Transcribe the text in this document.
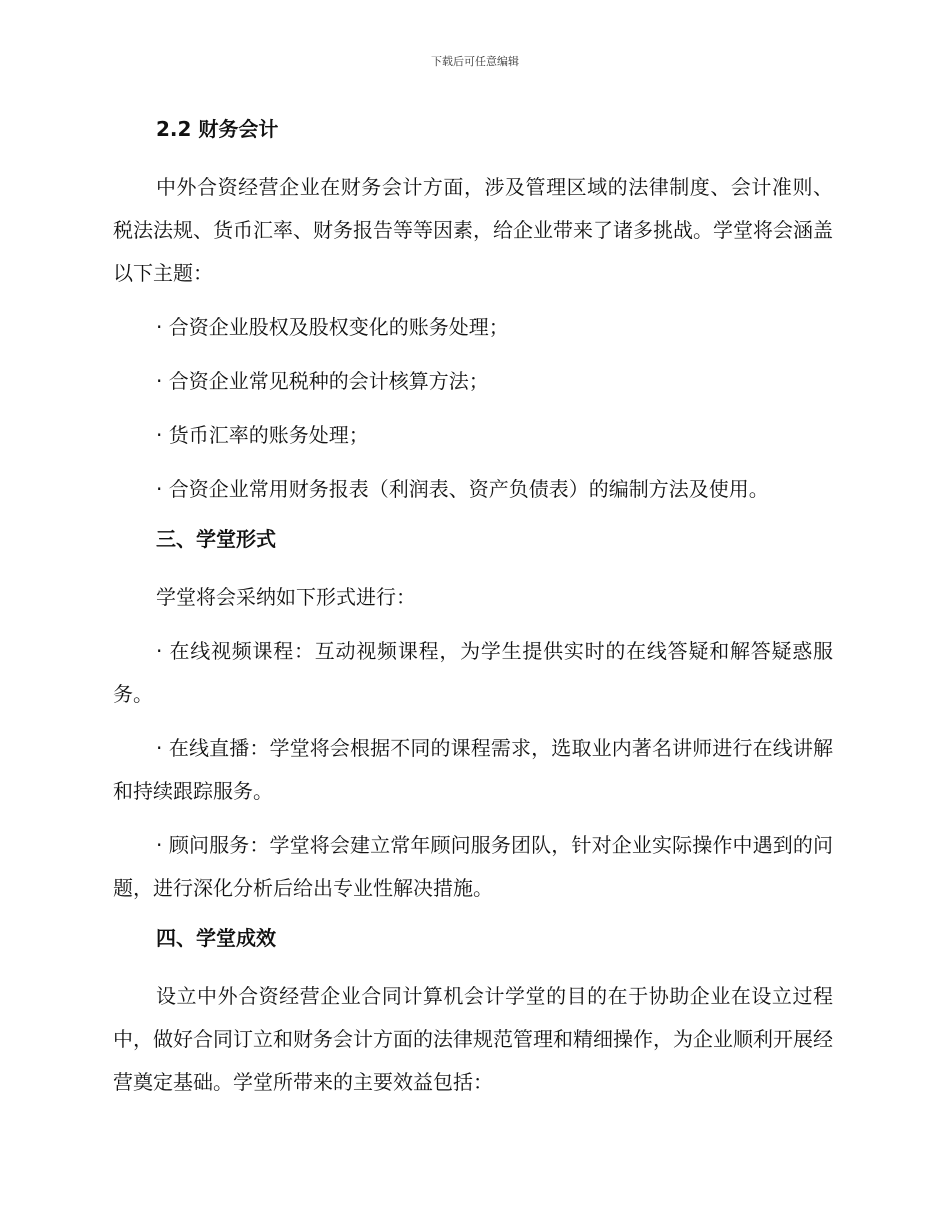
下载后可任意编辑
2.2 财务会计

中外合资经营企业在财务会计方面，涉及管理区域的法律制度、会计准则、税法法规、货币汇率、财务报告等等因素，给企业带来了诸多挑战。学堂将会涵盖以下主题：

· 合资企业股权及股权变化的账务处理；

· 合资企业常见税种的会计核算方法；

· 货币汇率的账务处理；

· 合资企业常用财务报表（利润表、资产负债表）的编制方法及使用。

三、学堂形式

学堂将会采纳如下形式进行：

· 在线视频课程：互动视频课程，为学生提供实时的在线答疑和解答疑惑服务。

· 在线直播：学堂将会根据不同的课程需求，选取业内著名讲师进行在线讲解和持续跟踪服务。

· 顾问服务：学堂将会建立常年顾问服务团队，针对企业实际操作中遇到的问题，进行深化分析后给出专业性解决措施。

四、学堂成效

设立中外合资经营企业合同计算机会计学堂的目的在于协助企业在设立过程中，做好合同订立和财务会计方面的法律规范管理和精细操作，为企业顺利开展经营奠定基础。学堂所带来的主要效益包括：
